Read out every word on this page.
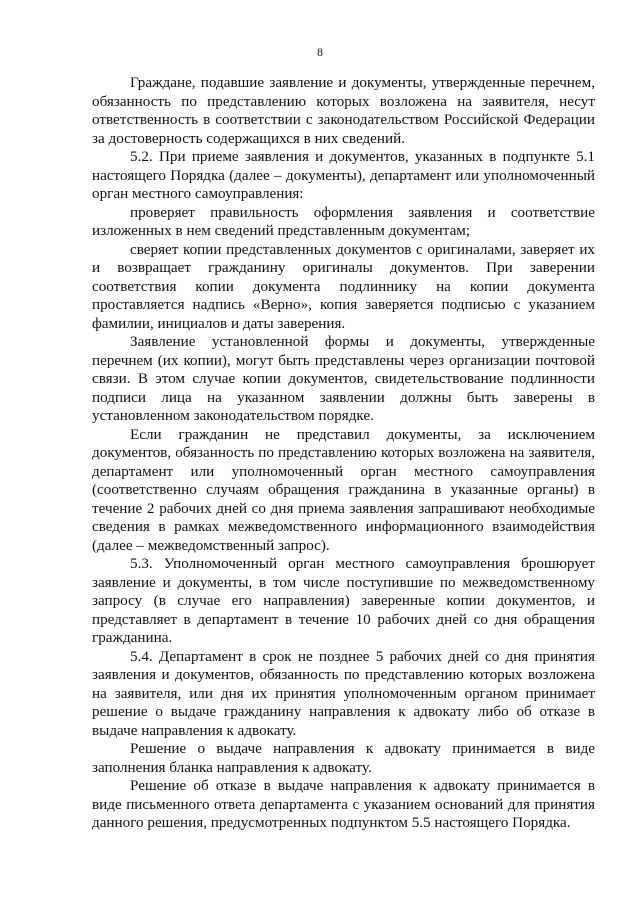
8

Граждане, подавшие заявление и документы, утвержденные перечнем, обязанность по представлению которых возложена на заявителя, несут ответственность в соответствии с законодательством Российской Федерации за достоверность содержащихся в них сведений.

5.2. При приеме заявления и документов, указанных в подпункте 5.1 настоящего Порядка (далее – документы), департамент или уполномоченный орган местного самоуправления:

проверяет правильность оформления заявления и соответствие изложенных в нем сведений представленным документам;

сверяет копии представленных документов с оригиналами, заверяет их и возвращает гражданину оригиналы документов. При заверении соответствия копии документа подлиннику на копии документа проставляется надпись «Верно», копия заверяется подписью с указанием фамилии, инициалов и даты заверения.

Заявление установленной формы и документы, утвержденные перечнем (их копии), могут быть представлены через организации почтовой связи. В этом случае копии документов, свидетельствование подлинности подписи лица на указанном заявлении должны быть заверены в установленном законодательством порядке.

Если гражданин не представил документы, за исключением документов, обязанность по представлению которых возложена на заявителя, департамент или уполномоченный орган местного самоуправления (соответственно случаям обращения гражданина в указанные органы) в течение 2 рабочих дней со дня приема заявления запрашивают необходимые сведения в рамках межведомственного информационного взаимодействия (далее – межведомственный запрос).

5.3. Уполномоченный орган местного самоуправления брошюрует заявление и документы, в том числе поступившие по межведомственному запросу (в случае его направления) заверенные копии документов, и представляет в департамент в течение 10 рабочих дней со дня обращения гражданина.

5.4. Департамент в срок не позднее 5 рабочих дней со дня принятия заявления и документов, обязанность по представлению которых возложена на заявителя, или дня их принятия уполномоченным органом принимает решение о выдаче гражданину направления к адвокату либо об отказе в выдаче направления к адвокату.

Решение о выдаче направления к адвокату принимается в виде заполнения бланка направления к адвокату.

Решение об отказе в выдаче направления к адвокату принимается в виде письменного ответа департамента с указанием оснований для принятия данного решения, предусмотренных подпунктом 5.5 настоящего Порядка.
